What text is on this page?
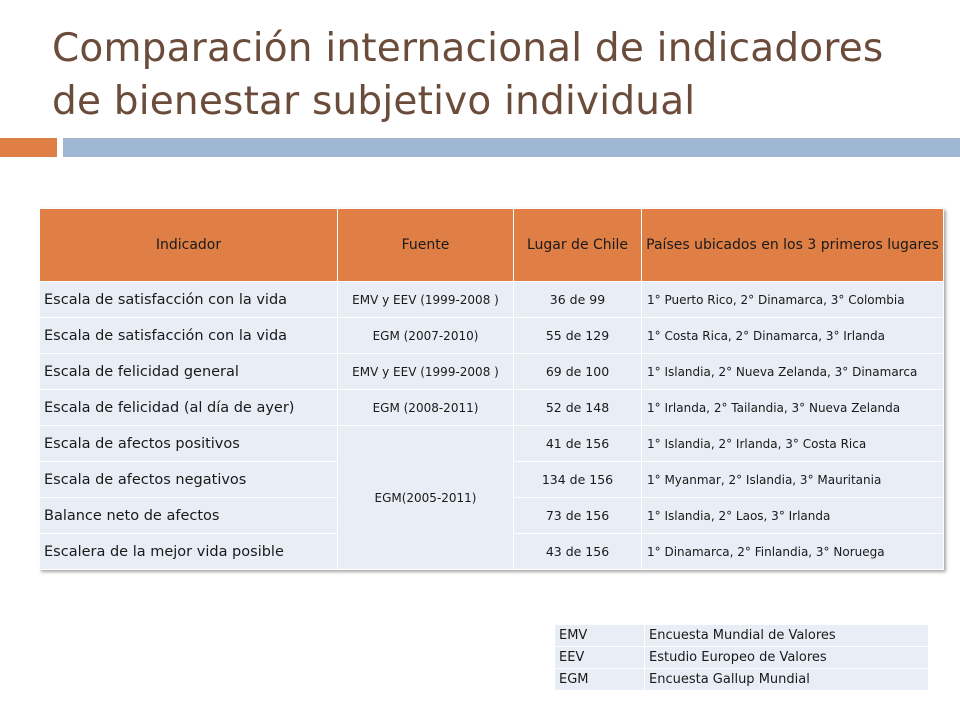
Comparación internacional de indicadores de bienestar subjetivo individual
Indicador	Fuente	Lugar de Chile	Países ubicados en los 3 primeros lugares
Escala de satisfacción con la vida	EMV y EEV (1999-2008 )	36 de 99	1° Puerto Rico, 2° Dinamarca, 3° Colombia
Escala de satisfacción con la vida	EGM (2007-2010)	55 de 129	1° Costa Rica, 2° Dinamarca, 3° Irlanda
Escala de felicidad general	EMV y EEV (1999-2008 )	69 de 100	1° Islandia, 2° Nueva Zelanda, 3° Dinamarca
Escala de felicidad (al día de ayer)	EGM (2008-2011)	52 de 148	1° Irlanda, 2° Tailandia, 3° Nueva Zelanda
Escala de afectos positivos	EGM(2005-2011)	41 de 156	1° Islandia, 2° Irlanda, 3° Costa Rica
Escala de afectos negativos		134 de 156	1° Myanmar, 2° Islandia, 3° Mauritania
Balance neto de afectos		73 de 156	1° Islandia, 2° Laos, 3° Irlanda
Escalera de la mejor vida posible		43 de 156	1° Dinamarca, 2° Finlandia, 3° Noruega
EMV	Encuesta Mundial de Valores
EEV	Estudio Europeo de Valores
EGM	Encuesta Gallup Mundial
